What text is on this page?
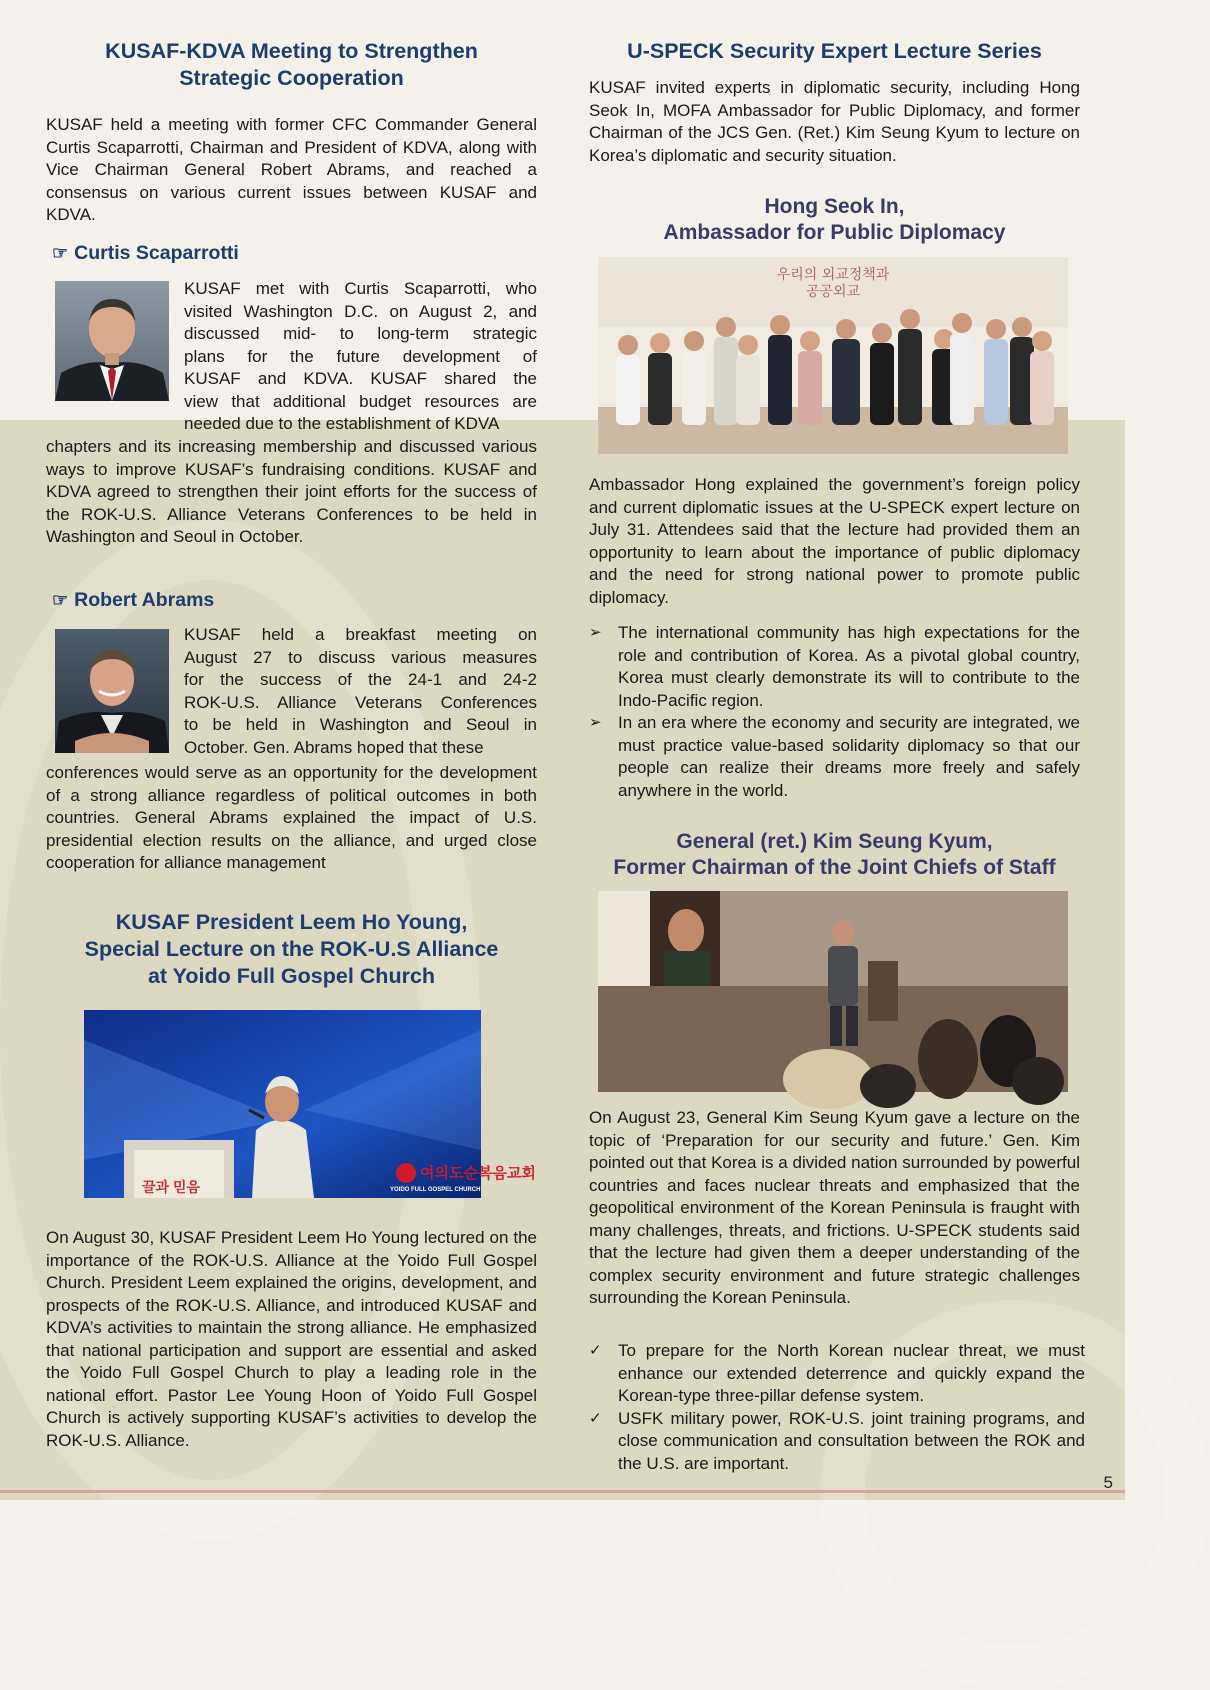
KUSAF-KDVA Meeting to Strengthen

Strategic Cooperation

KUSAF held a meeting with former CFC Commander General Curtis Scaparrotti, Chairman and President of KDVA, along with Vice Chairman General Robert Abrams, and reached a consensus on various current issues between KUSAF and KDVA.

☞ Curtis Scaparrotti

KUSAF met with Curtis Scaparrotti, who

visited Washington D.C. on August 2, and

discussed mid- to long-term strategic

plans for the future development of

KUSAF and KDVA. KUSAF shared the

view that additional budget resources are

needed due to the establishment of KDVA

chapters and its increasing membership and discussed various ways to improve KUSAF’s fundraising conditions. KUSAF and KDVA agreed to strengthen their joint efforts for the success of the ROK-U.S. Alliance Veterans Conferences to be held in Washington and Seoul in October.

☞ Robert Abrams

KUSAF held a breakfast meeting on

August 27 to discuss various measures

for the success of the 24-1 and 24-2

ROK-U.S. Alliance Veterans Conferences

to be held in Washington and Seoul in

October. Gen. Abrams hoped that these

conferences would serve as an opportunity for the development of a strong alliance regardless of political outcomes in both countries. General Abrams explained the impact of U.S. presidential election results on the alliance, and urged close cooperation for alliance management

KUSAF President Leem Ho Young,

Special Lecture on the ROK-U.S Alliance

at Yoido Full Gospel Church

끌과 믿음
여의도순복음교회
YOIDO FULL GOSPEL CHURCH

On August 30, KUSAF President Leem Ho Young lectured on the importance of the ROK-U.S. Alliance at the Yoido Full Gospel Church. President Leem explained the origins, development, and prospects of the ROK-U.S. Alliance, and introduced KUSAF and KDVA’s activities to maintain the strong alliance. He emphasized that national participation and support are essential and asked the Yoido Full Gospel Church to play a leading role in the national effort. Pastor Lee Young Hoon of Yoido Full Gospel Church is actively supporting KUSAF’s activities to develop the ROK-U.S. Alliance.

U-SPECK Security Expert Lecture Series

KUSAF invited experts in diplomatic security, including Hong Seok In, MOFA Ambassador for Public Diplomacy, and former Chairman of the JCS Gen. (Ret.) Kim Seung Kyum to lecture on Korea’s diplomatic and security situation.

Hong Seok In,

Ambassador for Public Diplomacy

우리의 외교정책과
공공외교

Ambassador Hong explained the government’s foreign policy and current diplomatic issues at the U-SPECK expert lecture on July 31. Attendees said that the lecture had provided them an opportunity to learn about the importance of public diplomacy and the need for strong national power to promote public diplomacy.

➢ The international community has high expectations for the role and contribution of Korea. As a pivotal global country, Korea must clearly demonstrate its will to contribute to the Indo-Pacific region.
➢ In an era where the economy and security are integrated, we must practice value-based solidarity diplomacy so that our people can realize their dreams more freely and safely anywhere in the world.

General (ret.) Kim Seung Kyum,

Former Chairman of the Joint Chiefs of Staff

On August 23, General Kim Seung Kyum gave a lecture on the topic of ‘Preparation for our security and future.’ Gen. Kim pointed out that Korea is a divided nation surrounded by powerful countries and faces nuclear threats and emphasized that the geopolitical environment of the Korean Peninsula is fraught with many challenges, threats, and frictions. U-SPECK students said that the lecture had given them a deeper understanding of the complex security environment and future strategic challenges surrounding the Korean Peninsula.

✓ To prepare for the North Korean nuclear threat, we must enhance our extended deterrence and quickly expand the Korean-type three-pillar defense system.
✓ USFK military power, ROK-U.S. joint training programs, and close communication and consultation between the ROK and the U.S. are important.
5
